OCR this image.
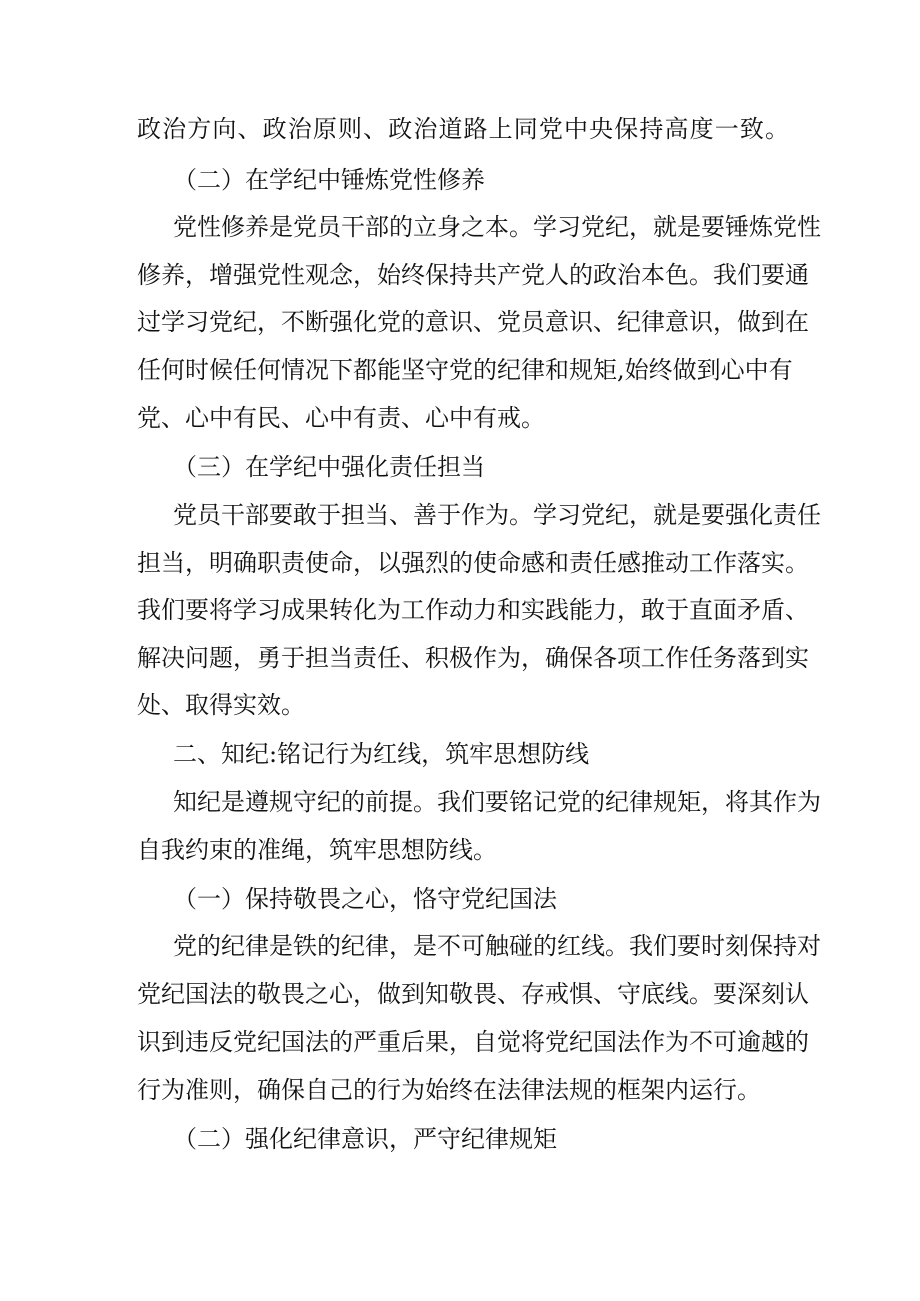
政治方向、政治原则、政治道路上同党中央保持高度一致。
（二）在学纪中锤炼党性修养
党性修养是党员干部的立身之本。学习党纪，就是要锤炼党性
修养，增强党性观念，始终保持共产党人的政治本色。我们要通
过学习党纪，不断强化党的意识、党员意识、纪律意识，做到在
任何时候任何情况下都能坚守党的纪律和规矩,始终做到心中有
党、心中有民、心中有责、心中有戒。
（三）在学纪中强化责任担当
党员干部要敢于担当、善于作为。学习党纪，就是要强化责任
担当，明确职责使命，以强烈的使命感和责任感推动工作落实。
我们要将学习成果转化为工作动力和实践能力，敢于直面矛盾、
解决问题，勇于担当责任、积极作为，确保各项工作任务落到实
处、取得实效。
二、知纪:铭记行为红线，筑牢思想防线
知纪是遵规守纪的前提。我们要铭记党的纪律规矩，将其作为
自我约束的准绳，筑牢思想防线。
（一）保持敬畏之心，恪守党纪国法
党的纪律是铁的纪律，是不可触碰的红线。我们要时刻保持对
党纪国法的敬畏之心，做到知敬畏、存戒惧、守底线。要深刻认
识到违反党纪国法的严重后果，自觉将党纪国法作为不可逾越的
行为准则，确保自己的行为始终在法律法规的框架内运行。
（二）强化纪律意识，严守纪律规矩
